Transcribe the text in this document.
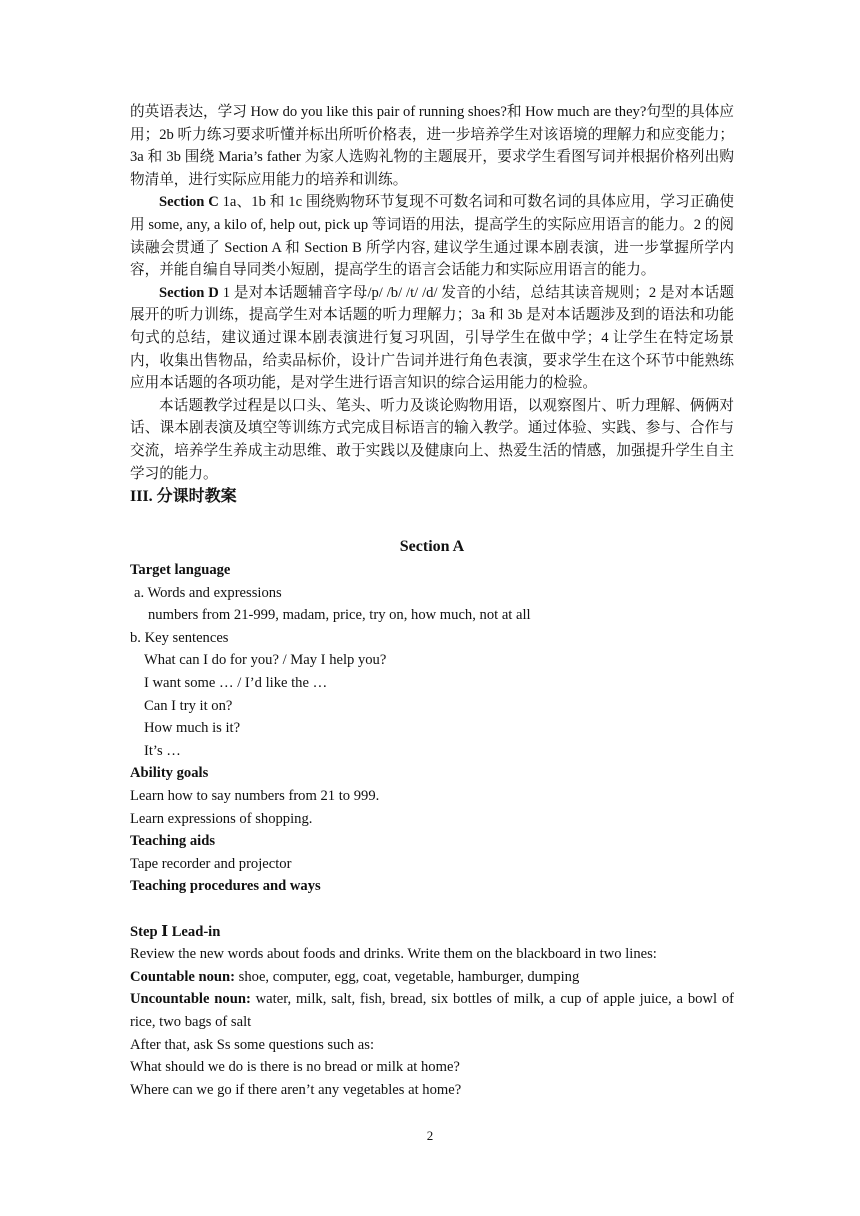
的英语表达，学习 How do you like this pair of running shoes?和 How much are they?句型的具体应用；2b 听力练习要求听懂并标出所听价格表，进一步培养学生对该语境的理解力和应变能力；3a 和 3b 围绕 Maria’s father 为家人选购礼物的主题展开，要求学生看图写词并根据价格列出购物清单，进行实际应用能力的培养和训练。

Section C 1a、1b 和 1c 围绕购物环节复现不可数名词和可数名词的具体应用，学习正确使用 some, any, a kilo of, help out, pick up 等词语的用法，提高学生的实际应用语言的能力。2 的阅读融会贯通了 Section A 和 Section B 所学内容, 建议学生通过课本剧表演，进一步掌握所学内容，并能自编自导同类小短剧，提高学生的语言会话能力和实际应用语言的能力。

Section D 1 是对本话题辅音字母/p/ /b/ /t/ /d/ 发音的小结，总结其读音规则；2 是对本话题展开的听力训练，提高学生对本话题的听力理解力；3a 和 3b 是对本话题涉及到的语法和功能句式的总结，建议通过课本剧表演进行复习巩固，引导学生在做中学；4 让学生在特定场景内，收集出售物品，给卖品标价，设计广告词并进行角色表演，要求学生在这个环节中能熟练应用本话题的各项功能，是对学生进行语言知识的综合运用能力的检验。

本话题教学过程是以口头、笔头、听力及谈论购物用语，以观察图片、听力理解、俩俩对话、课本剧表演及填空等训练方式完成目标语言的输入教学。通过体验、实践、参与、合作与交流，培养学生养成主动思维、敢于实践以及健康向上、热爱生活的情感，加强提升学生自主学习的能力。

III. 分课时教案

Section A

Target language

a. Words and expressions

numbers from 21-999, madam, price, try on, how much, not at all

b. Key sentences

What can I do for you? / May I help you?

I want some … / I’d like the …

Can I try it on?

How much is it?

It’s …

Ability goals

Learn how to say numbers from 21 to 999.

Learn expressions of shopping.

Teaching aids

Tape recorder and projector

Teaching procedures and ways

Step Ⅰ Lead-in

Review the new words about foods and drinks. Write them on the blackboard in two lines:

Countable noun: shoe, computer, egg, coat, vegetable, hamburger, dumping

Uncountable noun: water, milk, salt, fish, bread, six bottles of milk, a cup of apple juice, a bowl of rice, two bags of salt

After that, ask Ss some questions such as:

What should we do is there is no bread or milk at home?

Where can we go if there aren’t any vegetables at home?

2
